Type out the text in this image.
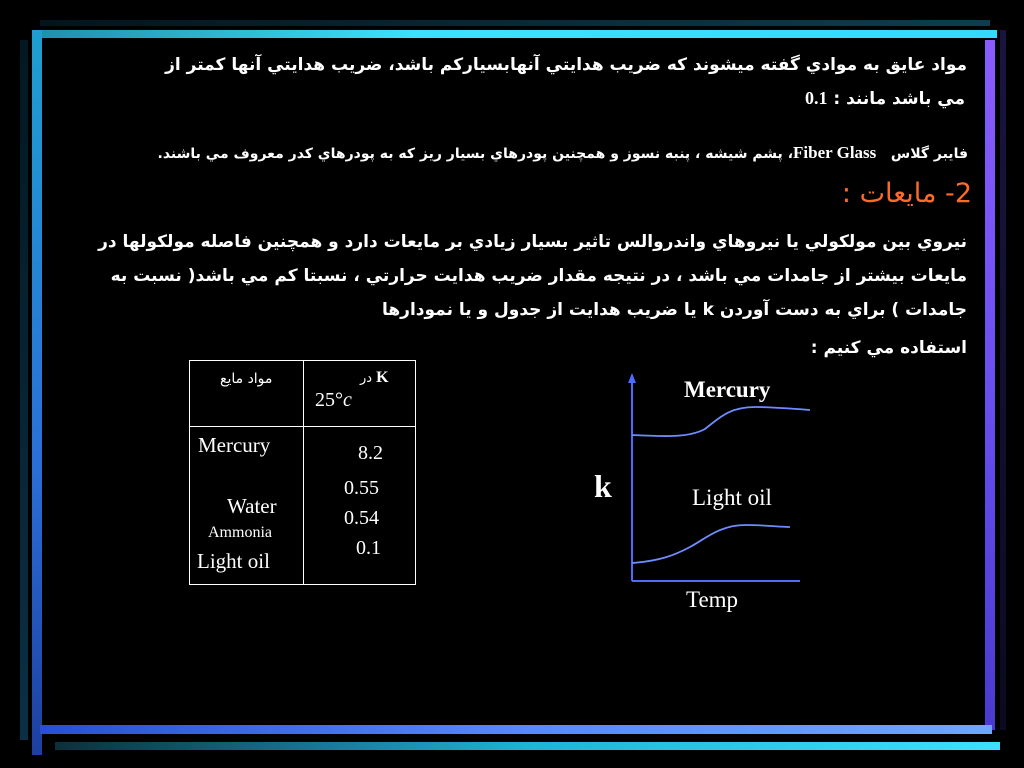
مواد عايق به موادي گفته ميشوند كه ضريب هدايتي آنهابسياركم باشد، ضريب هدايتي آنها كمتر از
مي باشد مانند : 0.1
فايبر گلاس   Fiber Glass، پشم شيشه ، پنبه نسوز و همچنين پودرهاي بسيار ريز كه به پودرهاي كدر معروف مي باشند.
2- مايعات :
نيروي بين مولكولي يا نيروهاي واندروالس تاثير بسيار زيادي بر مايعات دارد و همچنين فاصله مولكولها در مايعات بيشتر از جامدات مي باشد ، در نتيجه مقدار ضريب هدايت حرارتي ، نسبتا كم مي باشد( نسبت به جامدات ) براي به دست آوردن k يا ضريب هدايت از جدول و يا نمودارها
استفاده مي كنيم :
مواد مايع	در K
25°c
Mercury	8.2
Water
0.55
Ammonia
0.54
Light oil
0.1
Mercury
Light oil
k
Temp
